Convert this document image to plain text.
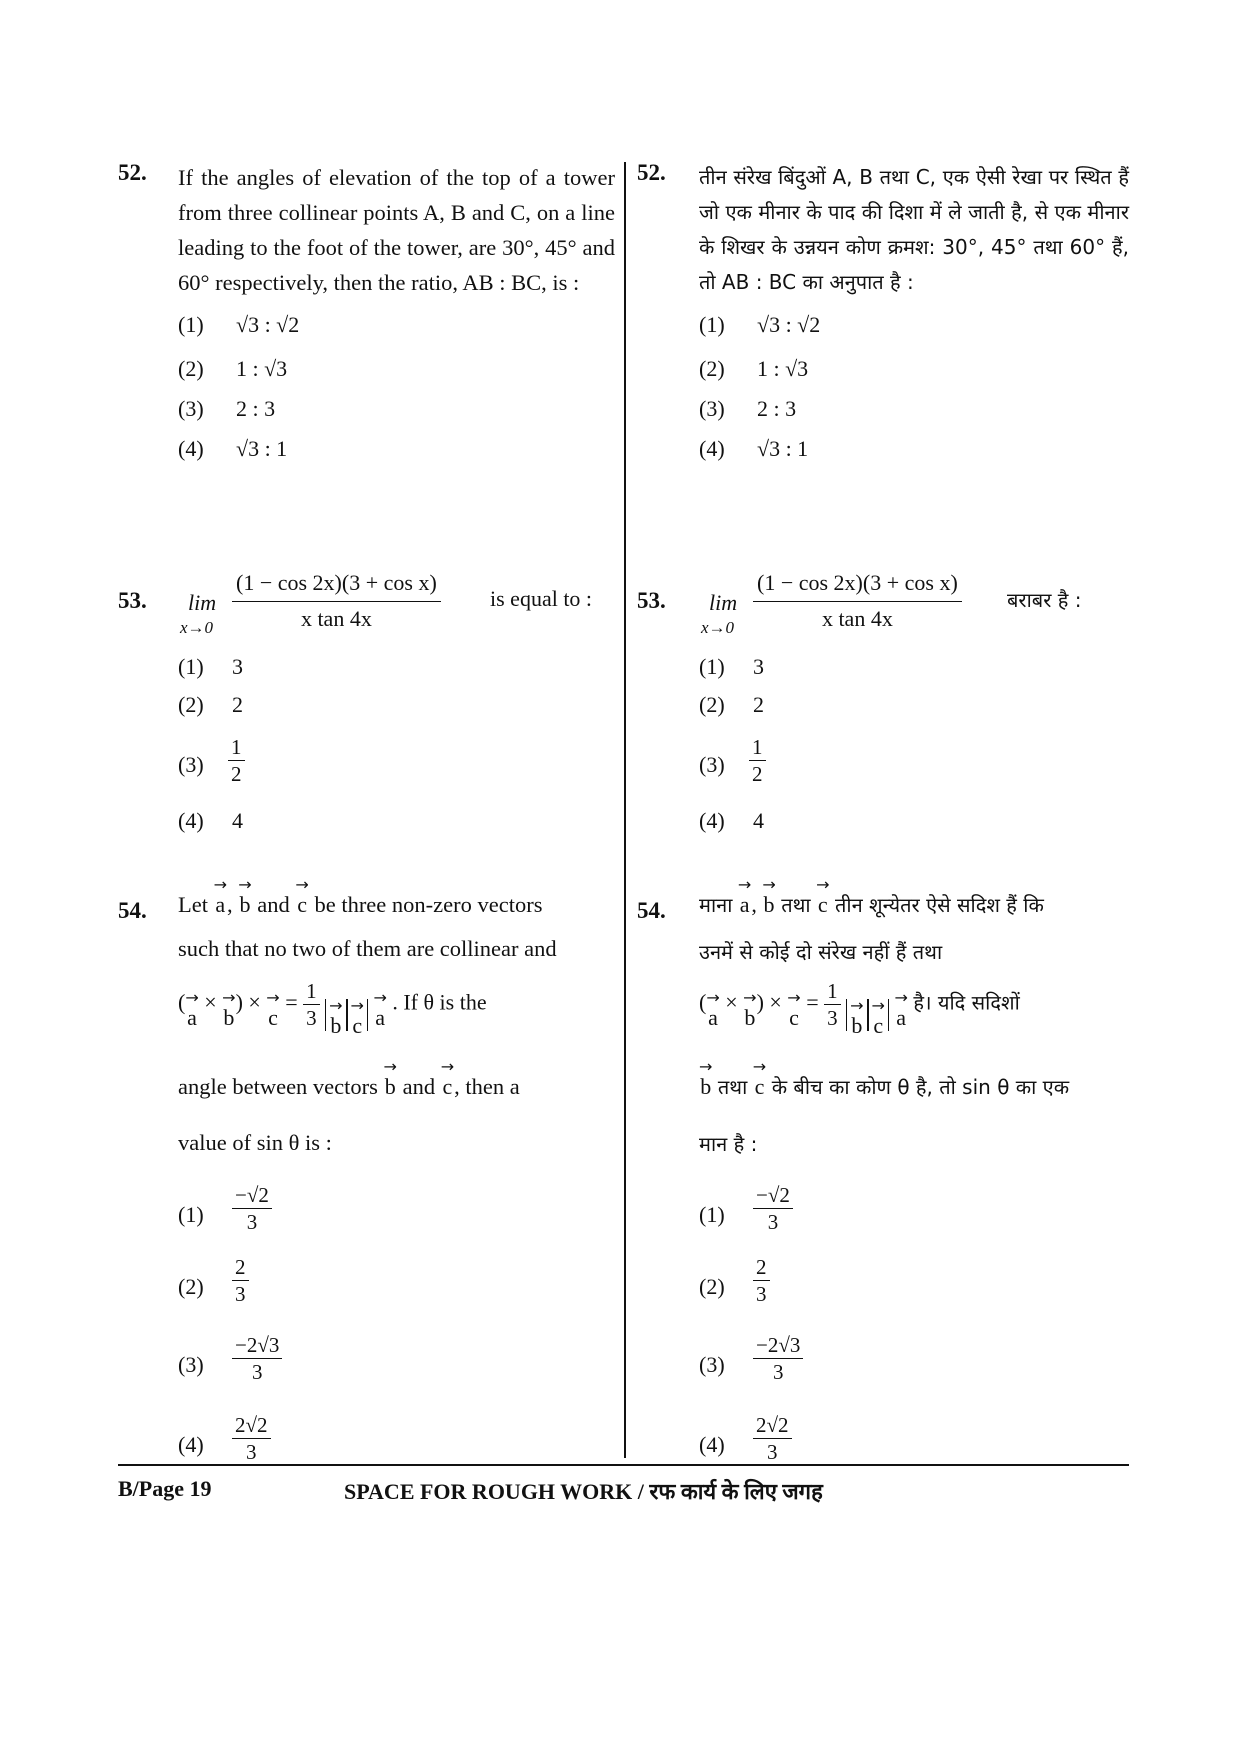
52. If the angles of elevation of the top of a tower from three collinear points A, B and C, on a line leading to the foot of the tower, are 30°, 45° and 60° respectively, then the ratio, AB : BC, is :
(1) √3 : √2
(2) 1 : √3
(3) 2 : 3
(4) √3 : 1
53. lim
$x\to 0 \frac{\text{(1 − cos 2x)(3 + cos x)}}{\text{x tan 4x}}$ is equal to :
(1) 3
(2) 2
$(3) \frac{1}{2}$
(4) 4
54. Let
→
a ,
→
b and
→
c be three non-zero vectors
such that no two of them are collinear and
( →
a
× →
b
) × →
c
= $\frac{1}{3}$
→
b
→
c

→
a
. If θ is the
angle between vectors
→
b and
→
c , then a
value of sin θ is :
$(1) \frac{-√2}{3}$
$(2) \frac{2}{3}$
$(3) \frac{-2√3}{3}$
$(4) \frac{2√2}{3}$
52. तीन संरेख बिंदुओं A, B तथा C, एक ऐसी रेखा पर स्थित हैं जो एक मीनार के पाद की दिशा में ले जाती है, से एक मीनार के शिखर के उन्नयन कोण क्रमश: 30°, 45° तथा 60° हैं, तो AB : BC का अनुपात है :
(1) √3 : √2
(2) 1 : √3
(3) 2 : 3
(4) √3 : 1
53. lim
$x\to 0 \frac{\text{(1 − cos 2x)(3 + cos x)}}{\text{x tan 4x}}$ बराबर है :
(1) 3
(2) 2
$(3) \frac{1}{2}$
(4) 4
54. माना
→
a ,
→
b तथा
→
c तीन शून्येतर ऐसे सदिश हैं कि
उनमें से कोई दो संरेख नहीं हैं तथा
( →
a
× →
b
) × →
c
= $\frac{1}{3}$
→
b
→
c

→
a
है। यदि सदिशों
→
b तथा
→
c के बीच का कोण θ है, तो sin θ का एक
मान है :
$(1) \frac{-√2}{3}$
$(2) \frac{2}{3}$
$(3) \frac{-2√3}{3}$
$(4) \frac{2√2}{3}$
B/Page 19	SPACE FOR ROUGH WORK / रफ कार्य के लिए जगह
